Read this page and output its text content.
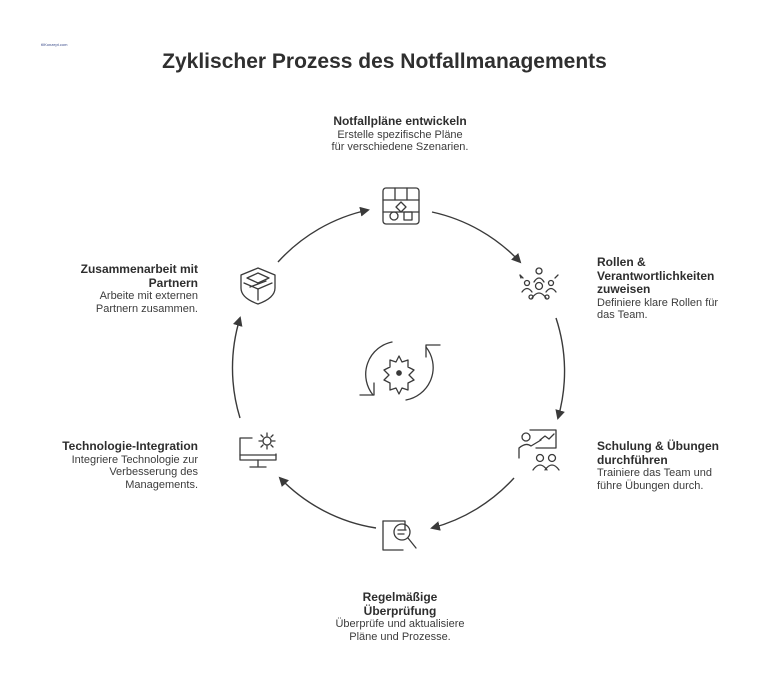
tIlKonzept.com
Zyklischer Prozess des Notfallmanagements
Notfallpläne entwickeln
Erstelle spezifische Pläne
für verschiedene Szenarien.
Rollen &
Verantwortlichkeiten
zuweisen
Definiere klare Rollen für
das Team.
Schulung & Übungen
durchführen
Trainiere das Team und
führe Übungen durch.
Regelmäßige
Überprüfung
Überprüfe und aktualisiere
Pläne und Prozesse.
Technologie-Integration
Integriere Technologie zur
Verbesserung des
Managements.
Zusammenarbeit mit
Partnern
Arbeite mit externen
Partnern zusammen.
